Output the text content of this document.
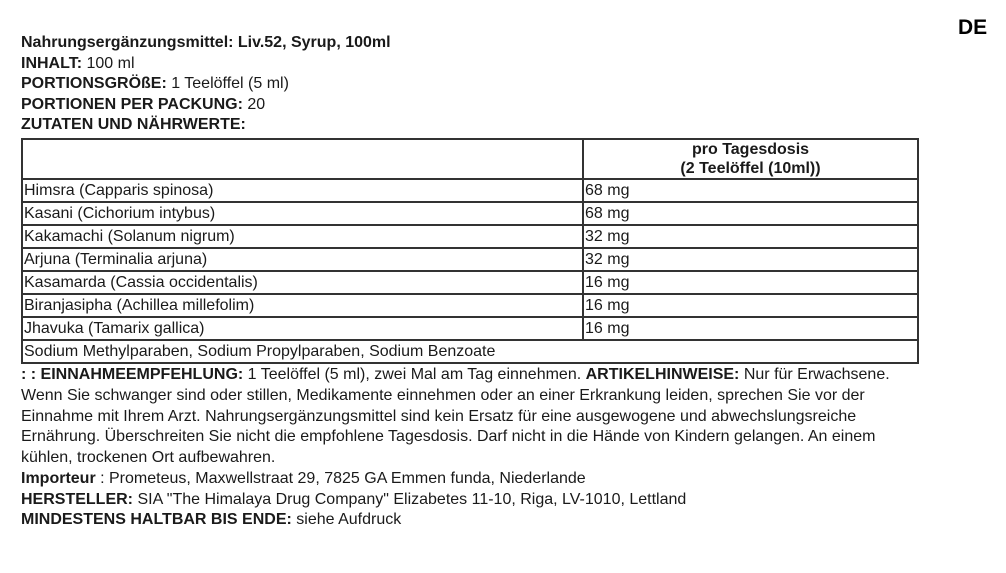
DE
Nahrungsergänzungsmittel: Liv.52, Syrup, 100ml
INHALT: 100 ml
PORTIONSGRÖßE: 1 Teelöffel (5 ml)
PORTIONEN PER PACKUNG: 20
ZUTATEN UND NÄHRWERTE:

	pro Tagesdosis
(2 Teelöffel (10ml))

Himsra (Capparis spinosa)	68 mg
Kasani (Cichorium intybus)	68 mg
Kakamachi (Solanum nigrum)	32 mg
Arjuna (Terminalia arjuna)	32 mg
Kasamarda (Cassia occidentalis)	16 mg
Biranjasipha (Achillea millefolim)	16 mg
Jhavuka (Tamarix gallica)	16 mg
Sodium Methylparaben, Sodium Propylparaben, Sodium Benzoate	
: : EINNAHMEEMPFEHLUNG: 1 Teelöffel (5 ml), zwei Mal am Tag einnehmen. ARTIKELHINWEISE: Nur für Erwachsene. Wenn Sie schwanger sind oder stillen, Medikamente einnehmen oder an einer Erkrankung leiden, sprechen Sie vor der Einnahme mit Ihrem Arzt. Nahrungsergänzungsmittel sind kein Ersatz für eine ausgewogene und abwechslungsreiche Ernährung. Überschreiten Sie nicht die empfohlene Tagesdosis. Darf nicht in die Hände von Kindern gelangen. An einem kühlen, trockenen Ort aufbewahren.
Importeur : Prometeus, Maxwellstraat 29, 7825 GA Emmen funda, Niederlande
HERSTELLER: SIA "The Himalaya Drug Company" Elizabetes 11-10, Riga, LV-1010, Lettland
MINDESTENS HALTBAR BIS ENDE: siehe Aufdruck
